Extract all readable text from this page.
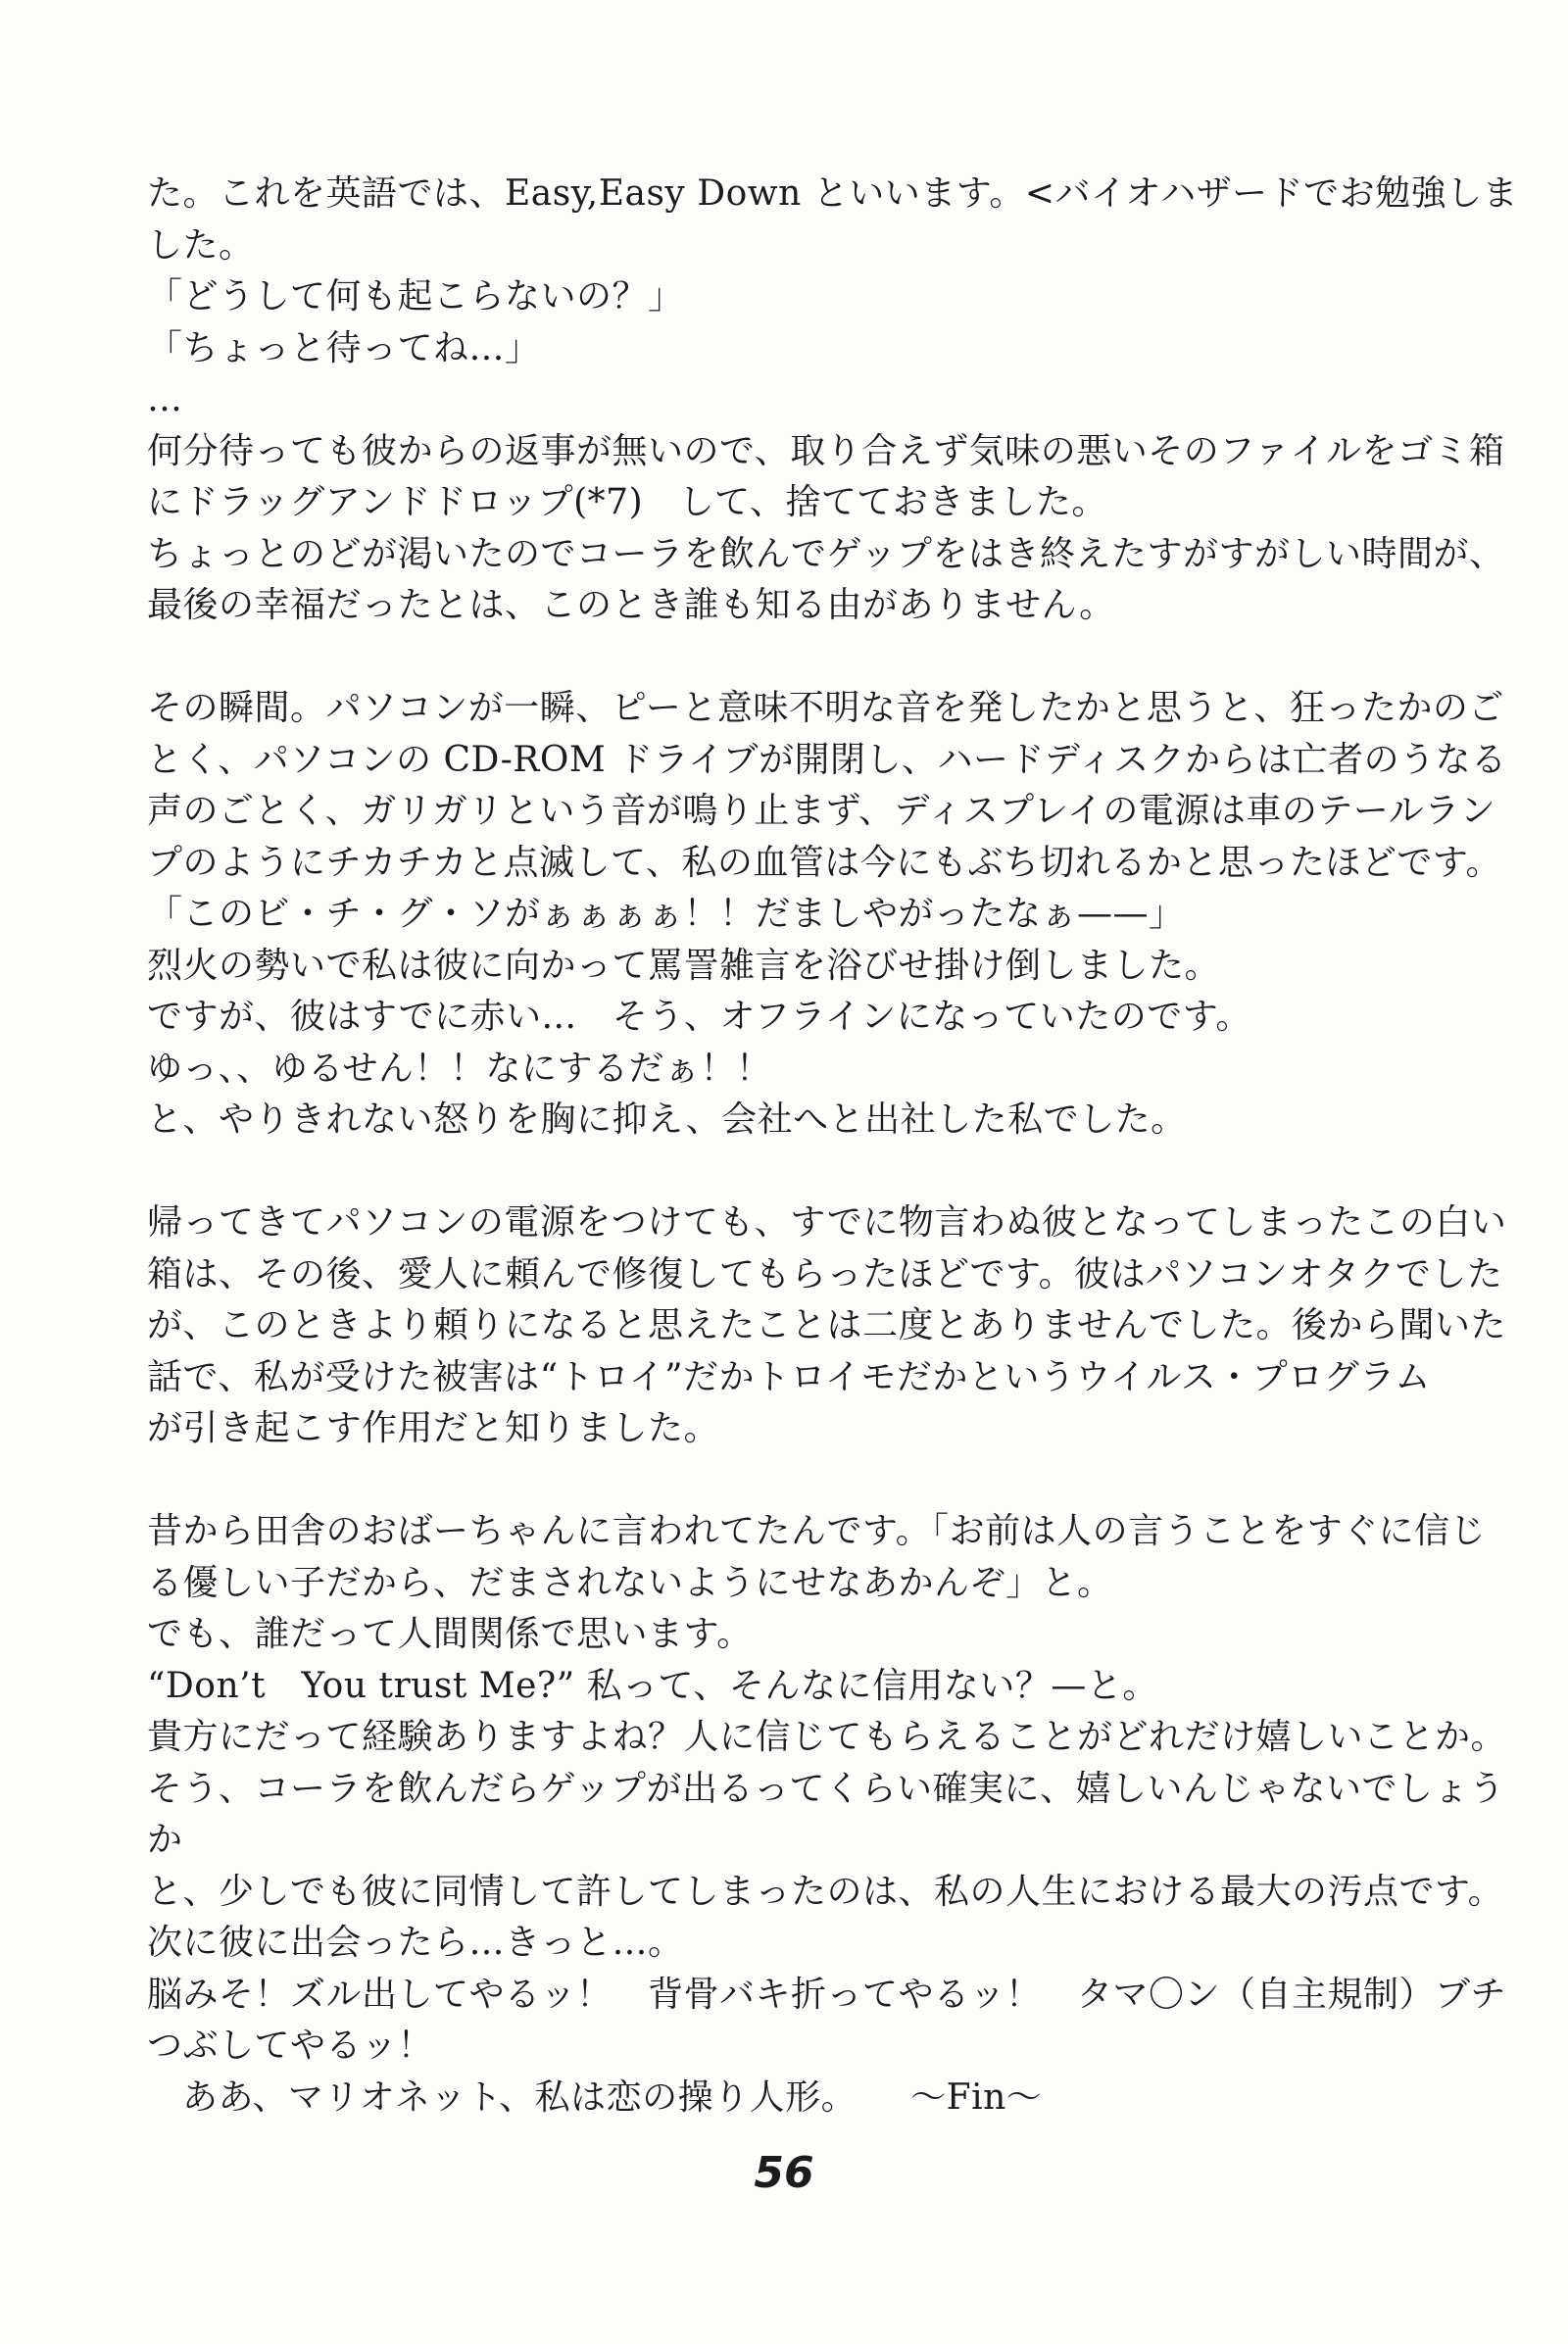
た。これを英語では、Easy,Easy Down といいます。<バイオハザードでお勉強しま
した。
「どうして何も起こらないの？」
「ちょっと待ってね…」
…
何分待っても彼からの返事が無いので、取り合えず気味の悪いそのファイルをゴミ箱
にドラッグアンドドロップ(*7)　して、捨てておきました。
ちょっとのどが渇いたのでコーラを飲んでゲップをはき終えたすがすがしい時間が、
最後の幸福だったとは、このとき誰も知る由がありません。
その瞬間。パソコンが一瞬、ピーと意味不明な音を発したかと思うと、狂ったかのご
とく、パソコンの CD-ROM ドライブが開閉し、ハードディスクからは亡者のうなる
声のごとく、ガリガリという音が鳴り止まず、ディスプレイの電源は車のテールラン
プのようにチカチカと点滅して、私の血管は今にもぶち切れるかと思ったほどです。
「このビ・チ・グ・ソがぁぁぁぁ！！だましやがったなぁ——」
烈火の勢いで私は彼に向かって罵詈雑言を浴びせ掛け倒しました。
ですが、彼はすでに赤い...　そう、オフラインになっていたのです。
ゆっ、、ゆるせん！！なにするだぁ！！
と、やりきれない怒りを胸に抑え、会社へと出社した私でした。
帰ってきてパソコンの電源をつけても、すでに物言わぬ彼となってしまったこの白い
箱は、その後、愛人に頼んで修復してもらったほどです。彼はパソコンオタクでした
が、このときより頼りになると思えたことは二度とありませんでした。後から聞いた
話で、私が受けた被害は“トロイ”だかトロイモだかというウイルス・プログラム
が引き起こす作用だと知りました。
昔から田舎のおばーちゃんに言われてたんです。「お前は人の言うことをすぐに信じ
る優しい子だから、だまされないようにせなあかんぞ」と。
でも、誰だって人間関係で思います。
“Don’t　You trust Me?” 私って、そんなに信用ない？—と。
貴方にだって経験ありますよね？人に信じてもらえることがどれだけ嬉しいことか。
そう、コーラを飲んだらゲップが出るってくらい確実に、嬉しいんじゃないでしょう
か
と、少しでも彼に同情して許してしまったのは、私の人生における最大の汚点です。
次に彼に出会ったら…きっと…。
脳みそ！ズル出してやるッ！　背骨バキ折ってやるッ！　タマ〇ン（自主規制）ブチ
つぶしてやるッ！
ああ、マリオネット、私は恋の操り人形。　　～Fin～
56
